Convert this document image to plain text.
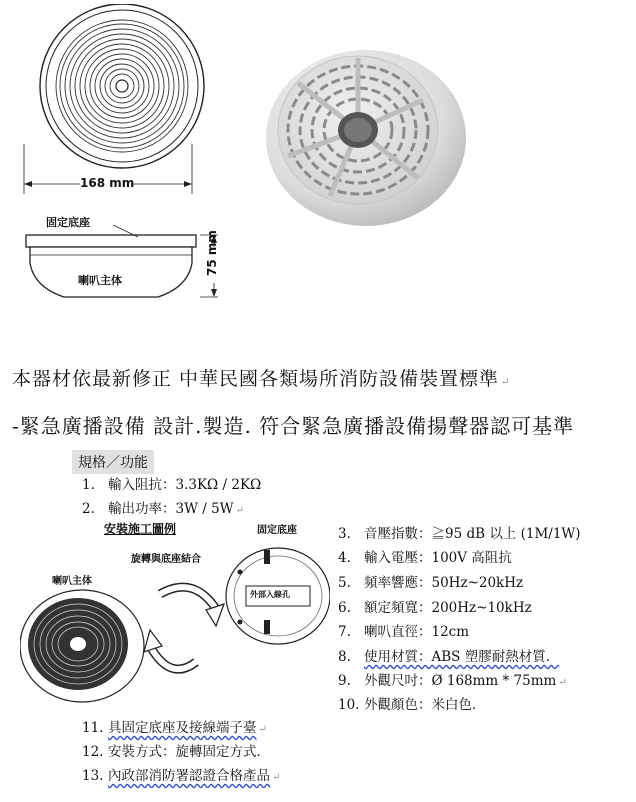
168 mm
固定底座
喇叭主体
75 mm
本器材依最新修正 中華民國各類場所消防設備裝置標準 ↵
-緊急廣播設備 設計.製造. 符合緊急廣播設備揚聲器認可基準
規格／功能
1. 輸入阻抗：3.3KΩ / 2KΩ
2. 輸出功率：3W / 5W ↵
3. 音壓指數：≧95 dB 以上 (1M/1W)
4. 輸入電壓：100V 高阻抗
5. 頻率響應：50Hz~20kHz
6. 額定頻寬：200Hz~10kHz
7. 喇叭直徑：12cm
8. 使用材質：ABS 塑膠耐熱材質．
9. 外觀尺吋：Ø 168mm * 75mm ↵
10. 外觀顏色：米白色．
11. 具固定底座及接線端子臺 ↵
12. 安裝方式：旋轉固定方式．
13. 內政部消防署認證合格產品 ↵
安裝施工圖例	固定底座
旋轉與底座結合
喇叭主体
外部入線孔
